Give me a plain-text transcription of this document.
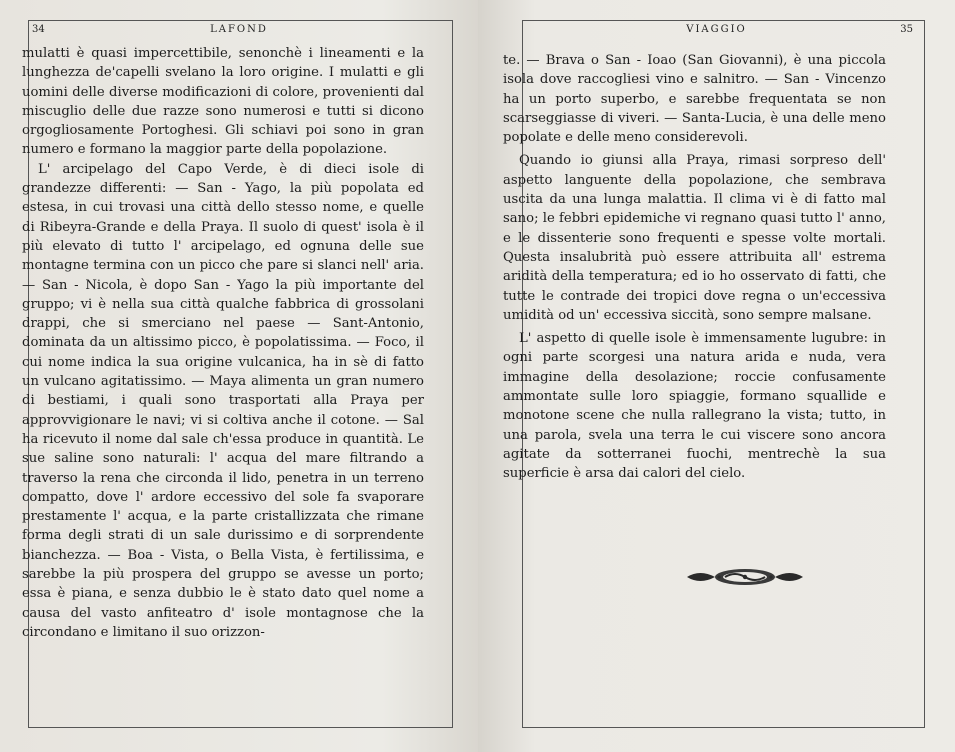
34	LAFOND

mulatti è quasi impercettibile, senonchè i lineamenti e la lunghezza de'capelli svelano la loro origine. I mulatti e gli uomini delle diverse modificazioni di colore, provenienti dal miscuglio delle due razze sono numerosi e tutti si dicono orgogliosamente Portoghesi. Gli schiavi poi sono in gran numero e formano la maggior parte della popolazione.

L' arcipelago del Capo Verde, è di dieci isole di grandezze differenti: — San - Yago, la più popolata ed estesa, in cui trovasi una città dello stesso nome, e quelle di Ribeyra-Grande e della Praya. Il suolo di quest' isola è il più elevato di tutto l' arcipelago, ed ognuna delle sue montagne termina con un picco che pare si slanci nell' aria. — San - Nicola, è dopo San - Yago la più importante del gruppo; vi è nella sua città qualche fabbrica di grossolani drappi, che si smerciano nel paese — Sant-Antonio, dominata da un altissimo picco, è popolatissima. — Foco, il cui nome indica la sua origine vulcanica, ha in sè di fatto un vulcano agitatissimo. — Maya alimenta un gran numero di bestiami, i quali sono trasportati alla Praya per approvvigionare le navi; vi si coltiva anche il cotone. — Sal ha ricevuto il nome dal sale ch'essa produce in quantità. Le sue saline sono naturali: l' acqua del mare filtrando a traverso la rena che circonda il lido, penetra in un terreno compatto, dove l' ardore eccessivo del sole fa svaporare prestamente l' acqua, e la parte cristallizzata che rimane forma degli strati di un sale durissimo e di sorprendente bianchezza. — Boa - Vista, o Bella Vista, è fertilissima, e sarebbe la più prospera del gruppo se avesse un porto; essa è piana, e senza dubbio le è stato dato quel nome a causa del vasto anfiteatro d' isole montagnose che la circondano e limitano il suo orizzon-

VIAGGIO	35

te. — Brava o San - Ioao (San Giovanni), è una piccola isola dove raccogliesi vino e salnitro. — San - Vincenzo ha un porto superbo, e sarebbe frequentata se non scarseggiasse di viveri. — Santa-Lucia, è una delle meno popolate e delle meno considerevoli.

Quando io giunsi alla Praya, rimasi sorpreso dell' aspetto languente della popolazione, che sembrava uscita da una lunga malattia. Il clima vi è di fatto mal sano; le febbri epidemiche vi regnano quasi tutto l' anno, e le dissenterie sono frequenti e spesse volte mortali. Questa insalubrità può essere attribuita all' estrema aridità della temperatura; ed io ho osservato di fatti, che tutte le contrade dei tropici dove regna o un'eccessiva umidità od un' eccessiva siccità, sono sempre malsane.

L' aspetto di quelle isole è immensamente lugubre: in ogni parte scorgesi una natura arida e nuda, vera immagine della desolazione; roccie confusamente ammontate sulle loro spiaggie, formano squallide e monotone scene che nulla rallegrano la vista; tutto, in una parola, svela una terra le cui viscere sono ancora agitate da sotterranei fuochi, mentrechè la sua superficie è arsa dai calori del cielo.
